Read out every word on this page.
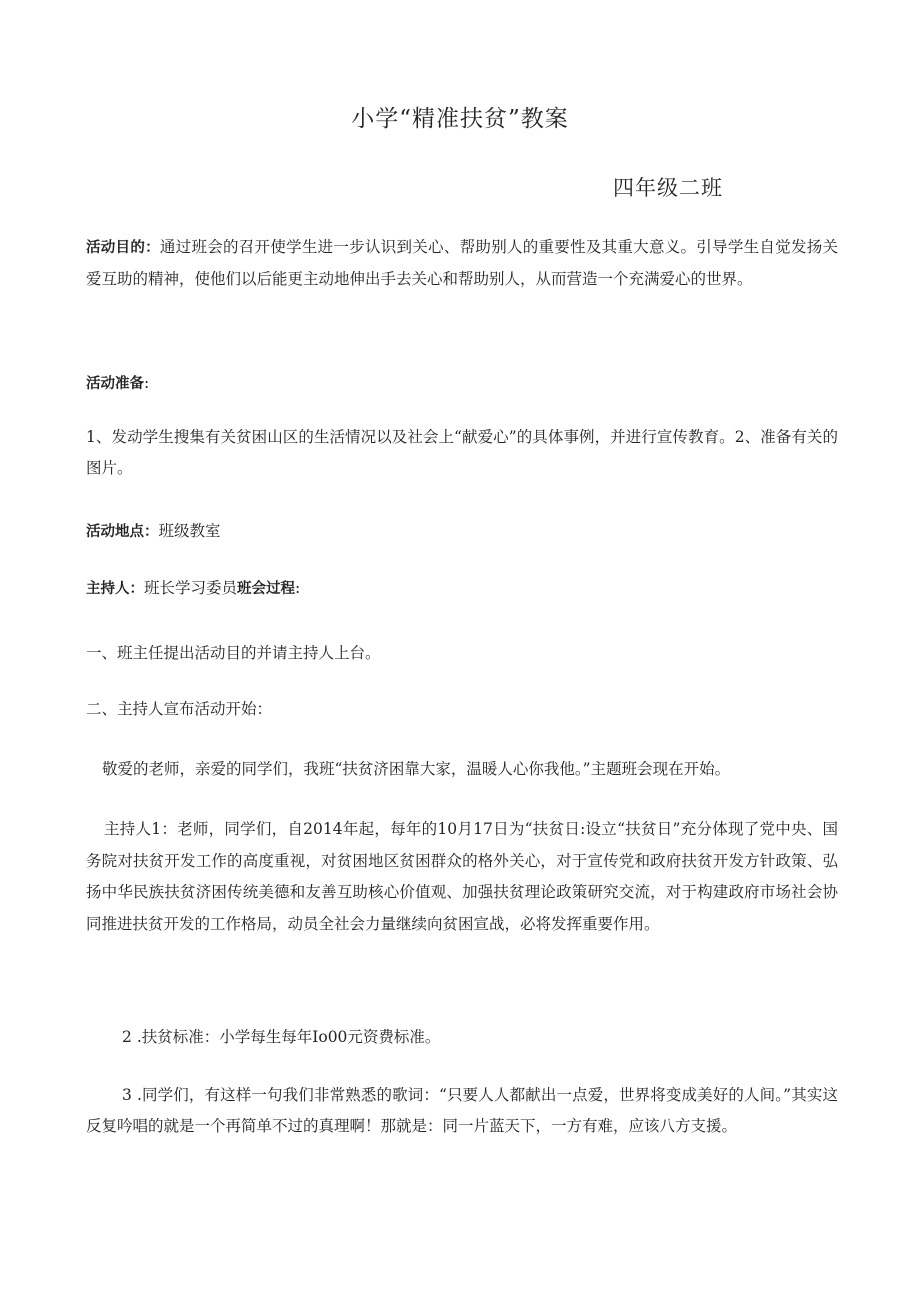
小学“精准扶贫”教案
四年级二班
活动目的：通过班会的召开使学生进一步认识到关心、帮助别人的重要性及其重大意义。引导学生自觉发扬关爱互助的精神，使他们以后能更主动地伸出手去关心和帮助别人，从而营造一个充满爱心的世界。
活动准备:
1、发动学生搜集有关贫困山区的生活情况以及社会上“献爱心”的具体事例，并进行宣传教育。2、准备有关的图片。
活动地点：班级教室
主持人：班长学习委员班会过程:
一、班主任提出活动目的并请主持人上台。
二、主持人宣布活动开始：
敬爱的老师，亲爱的同学们，我班“扶贫济困靠大家，温暖人心你我他。”主题班会现在开始。
主持人1：老师，同学们，自2014年起，每年的10月17日为“扶贫日:设立“扶贫日”充分体现了党中央、国务院对扶贫开发工作的高度重视，对贫困地区贫困群众的格外关心，对于宣传党和政府扶贫开发方针政策、弘扬中华民族扶贫济困传统美德和友善互助核心价值观、加强扶贫理论政策研究交流，对于构建政府市场社会协同推进扶贫开发的工作格局，动员全社会力量继续向贫困宣战，必将发挥重要作用。
2 .扶贫标准：小学每生每年Io00元资费标准。
3 .同学们，有这样一句我们非常熟悉的歌词：“只要人人都献出一点爱，世界将变成美好的人间。”其实这反复吟唱的就是一个再简单不过的真理啊！那就是：同一片蓝天下，一方有难，应该八方支援。
